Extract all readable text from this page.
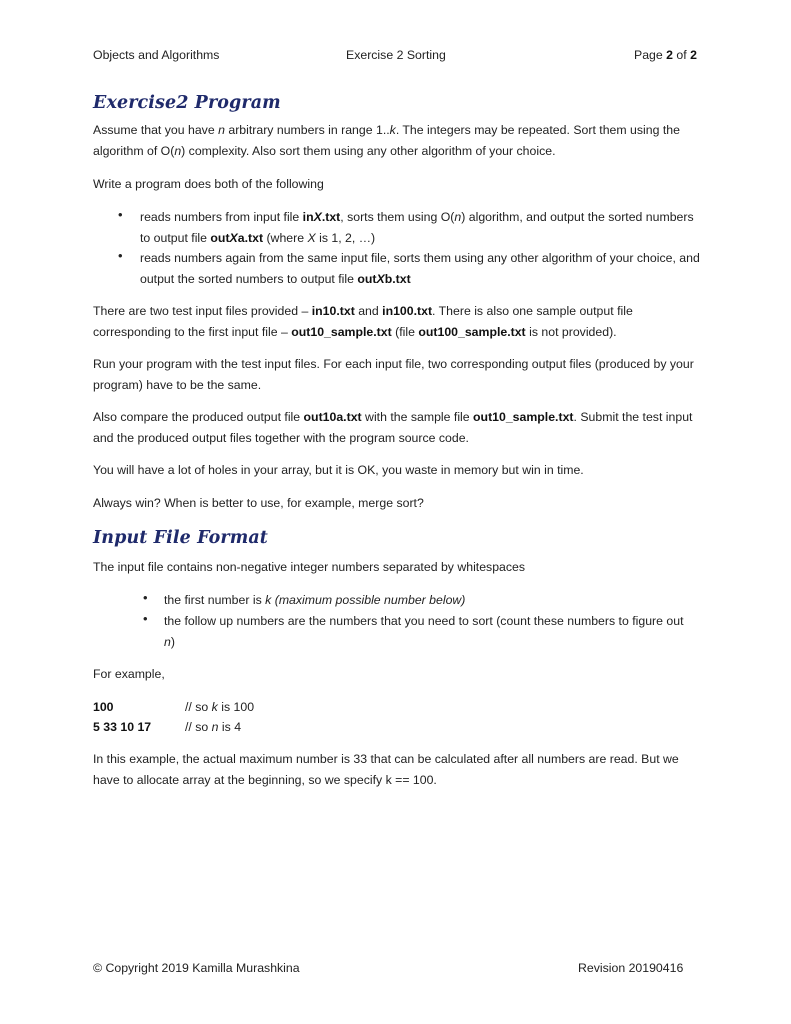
Objects and Algorithms	Exercise 2 Sorting	Page 2 of 2
Exercise2 Program
Assume that you have n arbitrary numbers in range 1..k. The integers may be repeated. Sort them using the algorithm of O(n) complexity. Also sort them using any other algorithm of your choice.
Write a program does both of the following
• reads numbers from input file inX.txt, sorts them using O(n) algorithm, and output the sorted numbers to output file outXa.txt (where X is 1, 2, …)
• reads numbers again from the same input file, sorts them using any other algorithm of your choice, and output the sorted numbers to output file outXb.txt
There are two test input files provided – in10.txt and in100.txt. There is also one sample output file corresponding to the first input file – out10_sample.txt (file out100_sample.txt is not provided).
Run your program with the test input files. For each input file, two corresponding output files (produced by your program) have to be the same.
Also compare the produced output file out10a.txt with the sample file out10_sample.txt. Submit the test input and the produced output files together with the program source code.
You will have a lot of holes in your array, but it is OK, you waste in memory but win in time.
Always win? When is better to use, for example, merge sort?
Input File Format
The input file contains non-negative integer numbers separated by whitespaces
• the first number is k (maximum possible number below)
• the follow up numbers are the numbers that you need to sort (count these numbers to figure out n)
For example,
100	// so k is 100
5 33 10 17	// so n is 4
In this example, the actual maximum number is 33 that can be calculated after all numbers are read. But we have to allocate array at the beginning, so we specify k == 100.
© Copyright 2019 Kamilla Murashkina	Revision 20190416
